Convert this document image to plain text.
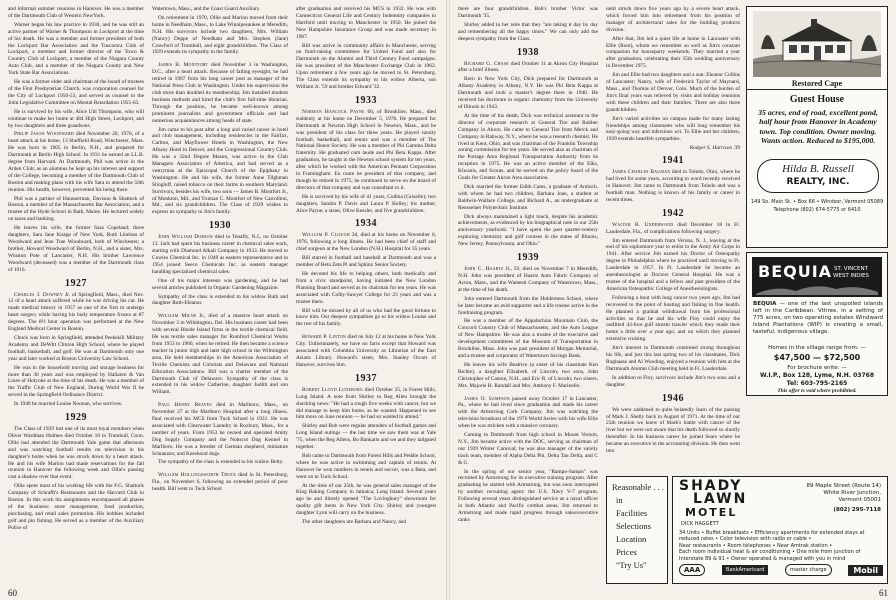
and informal summer reunions in Hanover. He was a member of the Dartmouth Club of Western NewYork.

Warner began his law practice in 1930, and he was still an active partner of Warner & Thompson in Lockport at the time of his death. He was a member and former president of both the Lockport Bar Association and the Tuscarora Club of Lockport, a member and former director of the Town & Country Club of Lockport, a member of the Niagara County Auto Club, and a member of the Niagara County and New York State Bar Associations.

He was a former elder and chairman of the board of trustees of the First Presbyterian Church, was corporation counsel for the City of Lockport 1950-53, and served as counsel to the Joint Legislative Committee on Mental Retardation 1955-63.

He is survived by his wife, Alice Uhl Thompson, who will continue to make her home at 484 High Street, Lockport, and by two daughters and three grandsons.

Philip Jason Woodward died November 20, 1976, of a heart attack at his home, 13 Sheffield Road, Winchester, Mass. He was born in 1905 in Berlin, N.H., and prepared for Dartmouth at Berlin High School. In 1931 he earned an LL.B. degree from Harvard. At Dartmouth, Phil was active in the Arden Club; as an alumnus he kept up his interest and support of the College, becoming a member of the Dartmouth Club of Boston and making plans with his wife Sara to attend the 50th reunion. His health, however, prevented his being there.

Phil was a partner of Hausserman, Davison & Shattuck of Boston, a member of the Massachusetts Bar Association, and a trustee of the Hyde School in Bath, Maine. He lectured widely on taxes and banking.

He leaves his wife, the former Sara Copeland; three daughters, Sara Jane Knapp of New York, Ruth Linehan of Woodward and Jean Trae Woodward, both of Winchester; a brother, Howard Woodward of Berlin, N.H., and a sister, Mrs. Winston Pote of Lancaster, N.H. His brother Lawrence Woodward (deceased) was a member of the Dartmouth class of 1916.

1927

Charles J. Downey Jr. of Springfield, Mass., died Nov. 12 of a heart attack suffered while he was driving his car. He made medical history in 1957 as one of the first to undergo heart surgery while having his body temperature frozen at 87 degrees. The 8½ hour operation was performed at the New England Medical Center in Boston.

Chuck was born in Springfield, attended Peekskill Military Academy and DeWitt Clinton High School, where he played football, basketball, and golf. He was at Dartmouth only one year and later worked at Boston University Law School.

He was in the household moving and storage business for more than 30 years and was employed by Hallaren & Van Lines of Holyoke at the time of his death. He was a member of the Traffic Club of New England, During World War II he served in the Springfield Ordinance District.

In 1940 he married Louise Noonan, who survives.

1929

The Class of 1929 lost one of its most loyal members when Oliver Wardman Holmes died October 10 in Trumbull, Conn. Ollie had attended the Dartmouth Yale game that afternoon and was watching football results on television in his daughter's home when he was struck down by a heart attack. He and his wife Marion had made reservations for the fall reunion in Hanover the following week and Ollie's passing cast a shadow over that event.

Ollie spent most of his working life with the F.G. Shattuck Company of Schrafft's Restaurants and the Harvard Club in Boston. In this work his assignments encompassed all phases of the business: store management, food production, purchasing, and retail sales promotion. His hobbies included golf and pin fishing. He served as a member of the Auxiliary Police of

Watertown, Mass., and the Coast Guard Auxiliary.

On retirement in 1970, Ollie and Marion moved from their home in Needham, Mass., to Lake Winnipesaukee at Meredith, N.H. His survivors include two daughters, Mrs. William (Nancy) Deppe of Needham and Mrs. Stephen (Jane) Crawford of Trumbull, and eight grandchildren. The Class of 1929 extends its sympathy to the family.

James B. Montfort died November 3 in Washington, D.C., after a heart attack. Because of failing eyesight, he had retired in 1967 from his long career post as manager of the National Press Club in Washington. Under his supervision the club more than doubled its membership; Jim installed modern business methods and hired the club's first full-time librarian. Through the position, he became well-known among prominent journalists and government officials and had numerous acquaintances among heads of state.

Jim came to his post after a long and varied career in hotel and club management, including residencies in the Fairfax, Carlton, and Mayflower Hotels in Washington, the New Albany Hotel in Denver, and the Congressional Country Club. He was a 32nd Degree Mason, was active in the Club Managers Association of America, and had served as a vestryman at the Episcopal Church of the Epiphany in Washington. He and his wife, the former Anne Tilghman Slingluff, raised tobacco on their farms in southern Maryland. Survivors, besides his wife, two sons — James B. Montfort Jr., of Monkton, Md., and Truman C. Montfort of New Carrollton, Md., and six grandchildren. The Class of 1929 wishes to express its sympathy to Jim's family.

1930

John William Dobson died in Tenafly, N.J., on October 13. Jack had spent his business career in chemical sales work, starting with Diamond Alkali Company in 1933. He moved to Cowles Chemical Inc. in 1940 as eastern representative and in 1954 joined Seeco Chemicals Inc. as eastern manager handling specialized chemical sales.

One of his major interests was gardening, and he had several articles published in Organic Gardening Magazine.

Sympathy of the class is extended to his widow Ruth and daughter Ruth-Eleanor.

William Milne Jr., died of a massive heart attack on November 3 in Wilmington, Del. His business career had been with several Rhode Island firms in the textile chemical field. He was textile sales manager for Rumford Chemical Works from 1953 to 1966, when he retired. He then became a science teacher in junior high and later high school in the Wilmington area. He held memberships in the American Association of Textile Chemists and Colorists and Delaware and National Education Associations. Bill was a charter member of the Dartmouth Club of Delaware. Sympathy of the class is extended to his widow Catherine, daughter Judith and son William.

Paul Henry Reaves died in Marlboro, Mass., on November 27 at the Marlboro Hospital after a long illness. Paul received his MCS from Tuck School in 1931. He was associated with Clearwater Laundry in Roxbury, Mass., for a number of years. From 1953 he owned and operated Amity Dog Supply Company and the Nobscot Dog Kennel in Marlboro. He was a breeder of German shepherd, miniature Schnauzer, and Keeshond dogs.

The sympathy of the class is extended to his widow Betty.

William Hollingsworth Truex died in St. Petersburg, Fla., on November 6, following an extended period of poor health. Bill went to Tuck School

after graduation and received his MCS in 1932. He was with Connecticut General Life and Century Indemnity companies in Hartford until moving to Manchester in 1950. He joined the New Hampshire Insurance Group and was made secretary in 1967.

Bill was active in community affairs in Manchester, serving on fund-raising committees for United Fund and also for Dartmouth on the Alumni and Third Century Fund campaigns. He was president of the Manchester Exchange Club in 1962. Upon retirement a few years ago he moved to St. Petersburg. The Class extends its sympathy to his widow Alberta, son William Jr. '59 and brother Edward '32.

1933

Norman Hancock Payne 66, of Brookline, Mass., died suddenly at his home on December 5, 1976. He prepared for Dartmouth at Newton High School in Newton, Mass., and he was president of his class for three years. He played varsity football, basketball, and tennis and was a member of The National Honor Society. He was a member of Phi Gamma Delta fraternity. He graduated cum laude and Phi Beta Kappa. After graduation, he taught in the Newton school system for ten years, after which he worked with the American Pennant Corporation in Framingham. En route he president of that company, and though he retired in 1975, he continued to serve on the board of directors of that company and was consultant to it.

He is survived by his wife of 41 years, Codina (Griselle); two daughters, Sandra P. Davis and Laura P. Kelley; his mother, Alice Payne; a sister, Olive Kessler, and five grandchildren.

1934

William P. Clough 3d, died at his home on November 6, 1976, following a long illness. He had been chief of staff and chief surgeon at the New London (N.H.) Hospital for 35 years.

Bill starred in football and baseball at Dartmouth and was a member of Beta Zeta Pi and Sphinx Senior Society.

He devoted his life to helping others, both medically and from a civic standpoint, having initiated the New London Planning Board and served as its chairman for ten years. He was associated with Colby-Sawyer College for 23 years and was a trustee there.

Bill will be missed by all of us who had the good fortune to know him. Our deepest sympathies go to his widow Louise and the rest of his family.

Howard P. Linton died on July 12 at his home in New York City. Unfortunately, we have no facts except that Howard was associated with Columbia University as Librarian of the East Asiatic Library. Howard's sister, Mrs. Stanley Orcutt of Hanover, survives him.

1937

Robert Lloyd Luneborg died October 25, in Forest Hills, Long Island. A note from Shirley to Reg Allen brought the shocking news: "He had a rough five weeks with cancer, but we did manage to keep him home, as he wanted. Happened to see him more on June reunion — he had so wanted to attend."

Shirley and Bob were regular attenders of football games and Long Island outings — the last time we saw them was at Yale '75, when the Reg Allens, Bo Bankarts and we and they tailgated together.

Bob came to Dartmouth from Forest Hills and Peddie School, where he was active in swimming and captain of tennis. At Hanover he won numbers in tennis and soccer, was a Beta, and went on to Tuck School.

At the time of our 25th, he was general sales manager of the King Baking Company in Jamaica, Long Island. Several years ago he and Shirely opened "The Lovingbury" showroom for quality gift items in New York City. Shirley and youngest daughter Lynn will carry on the business.

The other daughters are Barbara and Nancy, and

60

there are four grandchildren. Bob's brother Victor was Dartmouth '35.

Shirley added in her note that they "are taking it day by day and remembering all the happy times." We can only add the deepest sympathy from the Class.

1938

Richard G. Chase died October 11 at Akron City Hospital after a brief illness.

Born in New York City, Dick prepared for Dartmouth at Albany Academy in Albany, N.Y. He was Phi Beta Kappa at Dartmouth and took a master's degree there in 1940. He received his doctorate in organic chemistry from the University of Illinois in 1943.

At the time of his death, Dick was technical assistant to the director of corporate research at General Tire and Rubber Company in Akron. He came to General Tire from Merck and Company in Rahway, N.Y., where he was a research chemist. He lived in Kent, Ohio, and was chairman of the Franklin Township zoning commission for ten years. He served also as chairman of the Portage Area Regional Transportation Authority from its inception in 1975. He was an active member of the Elks, Kiwanis, and Scouts, and he served on the policy board of the Goals for Greater Akron Area association.

Dick married the former Edith Cates, a graduate of Antioch, with whom he had two children, Barbara Joan, a student at Baldwin-Wallace College, and Richard A., an undergraduate at Rensselaer Polytechnic Institute.

Dick always maintained a light touch, despite his academic achievements, as evidenced by his biographical note in our 25th anniversary yearbook: "I have spent the past quarter-century exploring chemistry and golf courses in the states of Illinois, New Jersey, Pennsylvania, and Ohio."

1939

John C. Haartz Jr., 59, died on November 7 in Meredith, N.H. John was president of Haartz Auto Fabric Company of Acton, Mass., and the Wamesit Company of Watertown, Mass., at the time of his death.

John entered Dartmouth from the Holderness School, where he later became an avid supporter and a life trustee active in the fundraising program.

He was a member of the Appalachian Mountain Club, the Concord Country Club of Massachusetts, and the Auto League of New Hampshire. He was also a trustee of the executive and development committees of the Museum of Transportation in Brookline, Mass. John was past president of Morgan Memorial, and a trustee and corporator of Watertown Savings Bank.

He leaves his wife Beatrice (a sister of his classmate Ken Richie), a daughter Elizabeth, of Lincoln; two sons, John Christopher of Canton, N.H., and Eric R. of Lincoln; two sisters, Mrs. Majorie H. Randall and Mrs. Anthony F. Marinello.

James O. Sampson passed away October 17 in Lancaster, Pa., where he had lived since graduation and made his career with the Armstrong Cork Company. Jim was watching the television broadcast of the 1976 World Series with his wife Ellie when he was stricken with a massive coronary.

Coming to Dartmouth from high school in Mount Vernon, N.Y., Jim became active with the DOC, serving as chairman of our 1939 Winter Carnival; he was also manager of the varsity track team, member of Alpha Delta Phi, Delta Tau Delta, and C & G.

In the spring of our senior year, "Rampo-Sampo" was recruited by Armstrong for its executive training program. After graduating he started with Armstrong, but was soon interrupted by another recruiting agent: the U.S. Navy V-7 program. Following several years distinguished service as a naval officer in both Atlantic and Pacific combat areas, Jim returned to Armstrong and made rapid progress through sales/executive ranks

until struck down five years ago by a severe heart attack, which forced him into retirement from his position of manager of architectural sales for the building products division.

After that, Jim led a quiet life at home in Lancaster with Ellie (Root), whom we remember so well as Jim's constant companion for houseparty weekends. They married a year after graduation, celebrating their 35th wedding anniversary in December 1975.

Jim and Ellie had two daughters and a son: Eleanor Collins of Lancaster; Nancy, wife of Frederick Taylor of Maynard, Mass., and Thomas of Denver, Colo. Much of the burden of Jim's final years was relieved by visits and holiday reunions with these children and their families. There are also three grandchildren.

Jim's varied activities on campus made for many lasting friendships among classmates who will long remember his easy-going way and infectious wit. To Ellie and her children, 1939 extends heartfelt sympathies.

Rodger S. Harrison '39
1941

James Charles Bauman died in Toledo, Ohio, where he had lived for some years, according to word recently received in Hanover. Jim came to Dartmouth from Toledo and was a football man. Nothing is known of his family or career in recent times.

1942

Walter B. Underwood died December 18 in Ft. Lauderdale, Fla., of complications following surgery.

Jim entered Dartmouth from Verona, N. J., leaving at the end of his sophomore year to enlist in the Army Air Corps in 1941. After service Jim earned his Doctor of Osteopathy degree in Philadelphia where he practiced until moving to Ft. Lauderdale in 1957. In Ft. Lauderdale he became an anesthesiologist at Doctors General Hospital. He was a trustee of the hospital and a fellow and past president of the American Osteopathic College of Anesthesiologists.

Following a bout with lung cancer two years ago, Jim had recovered to the point of boating and fishing in fine health. He planned a gradual withdrawal from his professional activities so that he and his wife Floy could enjoy the outfitted 43-foot gulf stream trawler which they made their home a little over a year ago, and on which they planned extensive cruising.

Jim's interest in Dartmouth continued strong throughout his life, and just this last spring two of his classmates, Dick Roghaase and Al Wooding, enjoyed a reunion with him at the Dartmouth Alumni Club meeting held in Ft. Lauderdale.

In addition to Floy, survivors include Jim's two sons and a daughter.

1946

We were saddened to quite belatedly learn of the passing of Mark J. Shelly back in August of 1971. At the time of our 25th reunion we knew of Mark's battle with cancer of the liver but we were not aware that his death followed so shortly thereafter. In his business career he joined Sears where he became an executive in the accounting division. He then went into

Restored Cape
Guest House
35 acres, end of road, excellent pond, half hour from Hanover in Academy town. Top condition. Owner moving. Wants action. Reduced to $195,000.
Hilda B. Russell
REALTY, INC.
149 So. Main St. • Box 66 • Windsor, Vermont 05089
Telephone (802) 674-5775 or 6410
BEQUIA ST. VINCENT
WEST INDIES
BEQUIA — one of the last unspoiled islands left in the Caribbean. Vthree, in a setting of 775 acres, on two operating estates Windward Island Plantations (WIP) is creating a small, tasteful, indigenous village.
Homes in the village range from: —
$47,500 — $72,500
For brochure write: —
W.I.P., Box 128, Lyme, N.H. 03768
Tel: 603-795-2165
This offer is void where prohibited.
Reasonable . . .
in
Facilities
Selections
Location
Prices
"Try Us"
SHADY
LAWN
MOTEL
DICK HAGGETT
89 Maple Street (Route 14)
White River Junction,
Vermont 05001
(802) 295-7118
34 Units • Buffet breakfasts • Efficiency apartments for extended stays at reduced rates • Color television with radio or cable •
Near restaurants • Room telephones • Near Amtrak station •
Each room individual heat & air conditioning • One mile from junction of Interstate 89 & 91 • Owner operated & managed with you in mind
AAA	BankAmericard	master charge	Mobil
61
